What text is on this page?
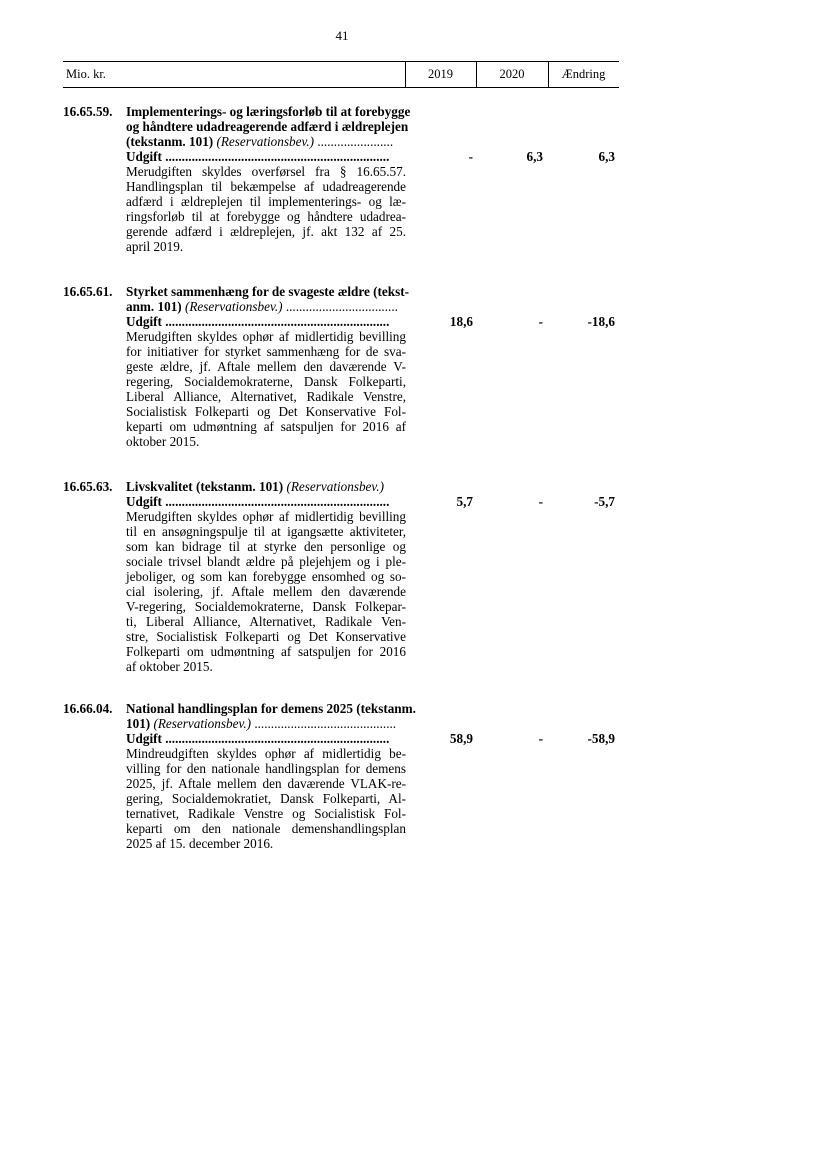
41
Mio. kr.	2019	2020	Ændring
16.65.59. Implementerings- og læringsforløb til at forebygge
og håndtere udadreagerende adfærd i ældreplejen
(tekstanm. 101) (Reservationsbev.) .......................
Udgift ....................................................................	-	6,3	6,3
Merudgiften skyldes overførsel fra § 16.65.57.
Handlingsplan til bekæmpelse af udadreagerende
adfærd i ældreplejen til implementerings- og læ-
ringsforløb til at forebygge og håndtere udadrea-
gerende adfærd i ældreplejen, jf. akt 132 af 25.
april 2019.
16.65.61. Styrket sammenhæng for de svageste ældre (tekst-
anm. 101) (Reservationsbev.) ..................................
Udgift ....................................................................	18,6	-	-18,6
Merudgiften skyldes ophør af midlertidig bevilling
for initiativer for styrket sammenhæng for de sva-
geste ældre, jf. Aftale mellem den daværende V-
regering, Socialdemokraterne, Dansk Folkeparti,
Liberal Alliance, Alternativet, Radikale Venstre,
Socialistisk Folkeparti og Det Konservative Fol-
keparti om udmøntning af satspuljen for 2016 af
oktober 2015.
16.65.63. Livskvalitet (tekstanm. 101) (Reservationsbev.)
Udgift ....................................................................	5,7	-	-5,7
Merudgiften skyldes ophør af midlertidig bevilling
til en ansøgningspulje til at igangsætte aktiviteter,
som kan bidrage til at styrke den personlige og
sociale trivsel blandt ældre på plejehjem og i ple-
jeboliger, og som kan forebygge ensomhed og so-
cial isolering, jf. Aftale mellem den daværende
V-regering, Socialdemokraterne, Dansk Folkepar-
ti, Liberal Alliance, Alternativet, Radikale Ven-
stre, Socialistisk Folkeparti og Det Konservative
Folkeparti om udmøntning af satspuljen for 2016
af oktober 2015.
16.66.04. National handlingsplan for demens 2025 (tekstanm.
101) (Reservationsbev.) ...........................................
Udgift ....................................................................	58,9	-	-58,9
Mindreudgiften skyldes ophør af midlertidig be-
villing for den nationale handlingsplan for demens
2025, jf. Aftale mellem den daværende VLAK-re-
gering, Socialdemokratiet, Dansk Folkeparti, Al-
ternativet, Radikale Venstre og Socialistisk Fol-
keparti om den nationale demenshandlingsplan
2025 af 15. december 2016.
